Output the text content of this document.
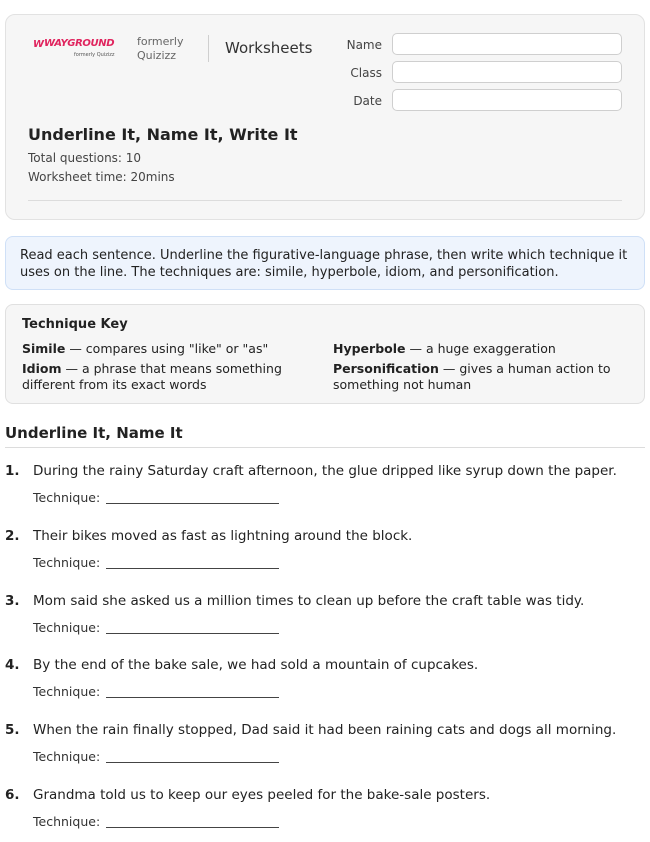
W WAYGROUND
formerly Quizizz
formerly
Quizizz	Worksheets	Name
Class
Date
Underline It, Name It, Write It
Total questions: 10
Worksheet time: 20mins
Read each sentence. Underline the figurative-language phrase, then write which technique it uses on the line. The techniques are: simile, hyperbole, idiom, and personification.
Technique Key
Simile — compares using "like" or "as"	Hyperbole — a huge exaggeration
Idiom — a phrase that means something different from its exact words
Personification — gives a human action to something not human
Underline It, Name It
1. During the rainy Saturday craft afternoon, the glue dripped like syrup down the paper.
Technique:
2. Their bikes moved as fast as lightning around the block.
Technique:
3. Mom said she asked us a million times to clean up before the craft table was tidy.
Technique:
4. By the end of the bake sale, we had sold a mountain of cupcakes.
Technique:
5. When the rain finally stopped, Dad said it had been raining cats and dogs all morning.
Technique:
6. Grandma told us to keep our eyes peeled for the bake-sale posters.
Technique:
